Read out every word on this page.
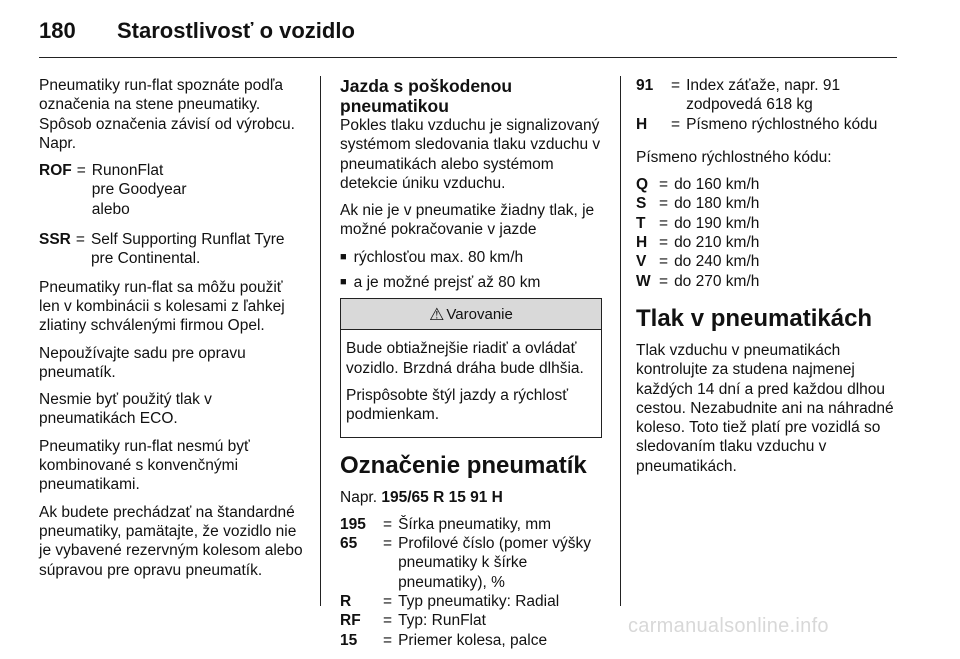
180 Starostlivosť o vozidlo

Pneumatiky run-flat spoznáte podľa označenia na stene pneumatiky. Spôsob označenia závisí od výrobcu. Napr.

ROF = RunonFlat pre Goodyear alebo
SSR = Self Supporting Runflat Tyre pre Continental.

Pneumatiky run-flat sa môžu použiť len v kombinácii s kolesami z ľahkej zliatiny schválenými firmou Opel.

Nepoužívajte sadu pre opravu pneumatík.

Nesmie byť použitý tlak v pneumatikách ECO.

Pneumatiky run-flat nesmú byť kombinované s konvenčnými pneumatikami.

Ak budete prechádzať na štandardné pneumatiky, pamätajte, že vozidlo nie je vybavené rezervným kolesom alebo súpravou pre opravu pneumatík.

Jazda s poškodenou pneumatikou

Pokles tlaku vzduchu je signalizovaný systémom sledovania tlaku vzduchu v pneumatikách alebo systémom detekcie úniku vzduchu.

Ak nie je v pneumatike žiadny tlak, je možné pokračovanie v jazde

■ rýchlosťou max. 80 km/h
■ a je možné prejsť až 80 km
⚠ Varovanie

Bude obtiažnejšie riadiť a ovládať vozidlo. Brzdná dráha bude dlhšia.

Prispôsobte štýl jazdy a rýchlosť podmienkam.

Označenie pneumatík

Napr. 195/65 R 15 91 H

195	= Šírka pneumatiky, mm
65	= Profilové číslo (pomer výšky pneumatiky k šírke pneumatiky), %
R	= Typ pneumatiky: Radial
RF	= Typ: RunFlat
15	= Priemer kolesa, palce
91	= Index záťaže, napr. 91 zodpovedá 618 kg
H	= Písmeno rýchlostného kódu

Písmeno rýchlostného kódu:

Q = do 160 km/h
S = do 180 km/h
T = do 190 km/h
H = do 210 km/h
V = do 240 km/h
W = do 270 km/h
Tlak v pneumatikách

Tlak vzduchu v pneumatikách kontrolujte za studena najmenej každých 14 dní a pred každou dlhou cestou. Nezabudnite ani na náhradné koleso. Toto tiež platí pre vozidlá so sledovaním tlaku vzduchu v pneumatikách.

carmanualsonline.info
